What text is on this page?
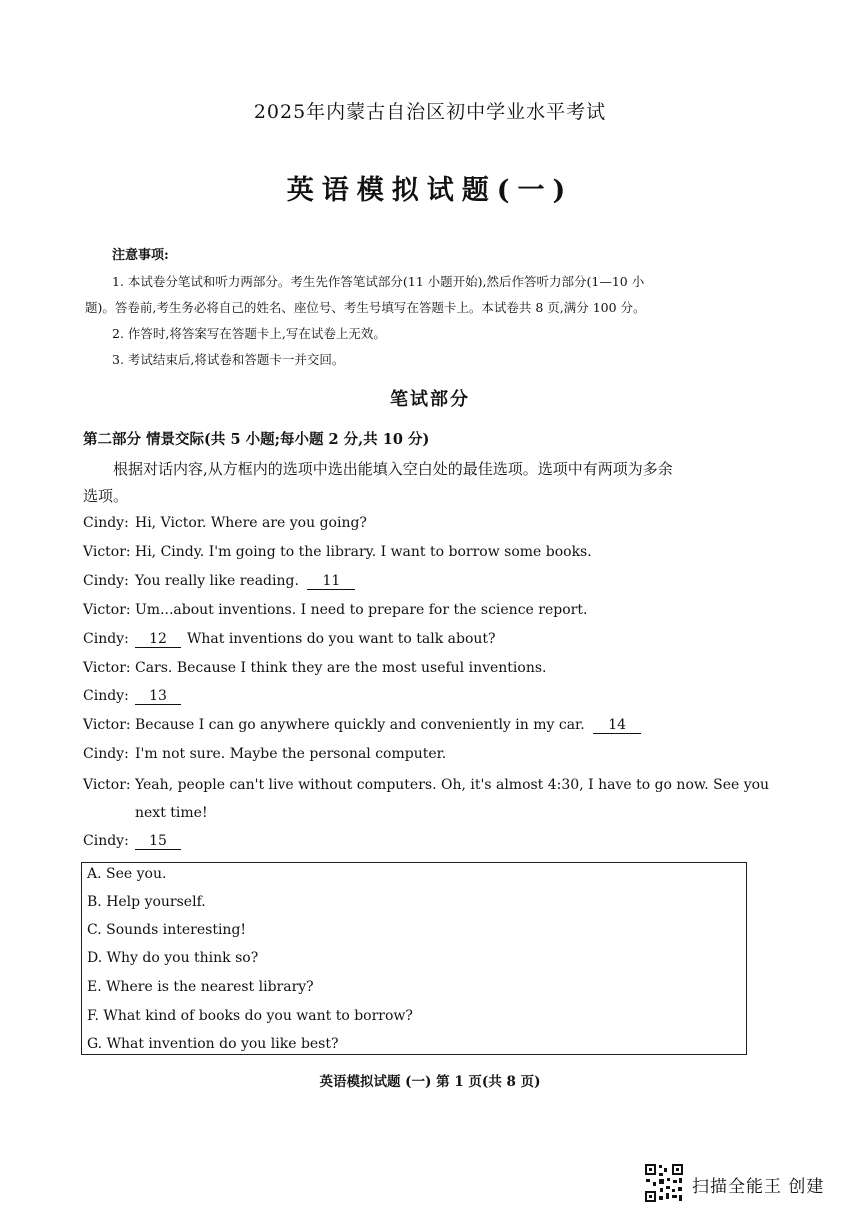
2025年内蒙古自治区初中学业水平考试
英语模拟试题(一)
注意事项:
1. 本试卷分笔试和听力两部分。考生先作答笔试部分(11 小题开始),然后作答听力部分(1—10 小
题)。答卷前,考生务必将自己的姓名、座位号、考生号填写在答题卡上。本试卷共 8 页,满分 100 分。
2. 作答时,将答案写在答题卡上,写在试卷上无效。
3. 考试结束后,将试卷和答题卡一并交回。
笔试部分
第二部分 情景交际(共 5 小题;每小题 2 分,共 10 分)
根据对话内容,从方框内的选项中选出能填入空白处的最佳选项。选项中有两项为多余
选项。
Cindy: Hi, Victor. Where are you going?
Victor: Hi, Cindy. I'm going to the library. I want to borrow some books.
Cindy: You really like reading. 11
Victor: Um...about inventions. I need to prepare for the science report.
Cindy: 12 What inventions do you want to talk about?
Victor: Cars. Because I think they are the most useful inventions.
Cindy: 13
Victor: Because I can go anywhere quickly and conveniently in my car. 14
Cindy: I'm not sure. Maybe the personal computer.
Victor: Yeah, people can't live without computers. Oh, it's almost 4:30, I have to go now. See you
next time!
Cindy: 15
A. See you.
B. Help yourself.
C. Sounds interesting!
D. Why do you think so?
E. Where is the nearest library?
F. What kind of books do you want to borrow?
G. What invention do you like best?
英语模拟试题 (一) 第 1 页(共 8 页)
扫描全能王 创建
